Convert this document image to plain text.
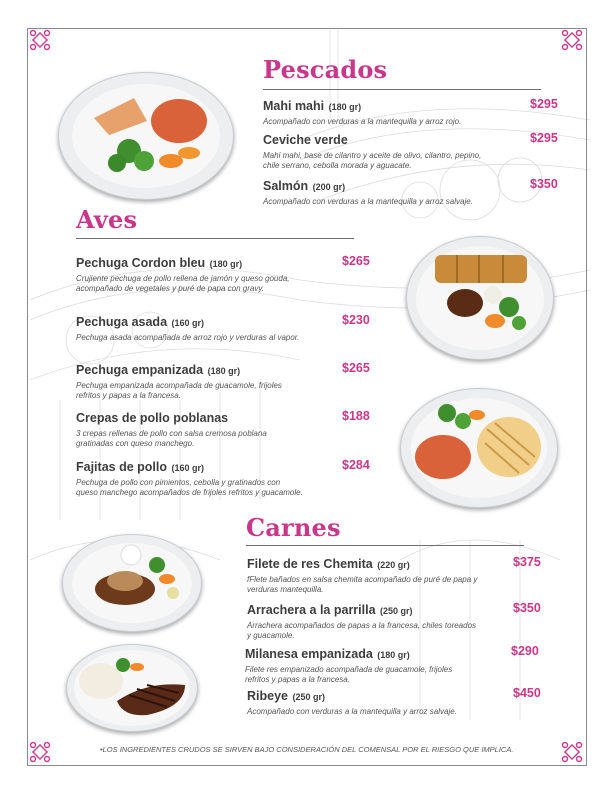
Pescados
Mahi mahi (180 gr)
Acompañado con verduras a la mantequilla y arroz rojo.
$295
Ceviche verde
Mahi mahi, base de cilantro y aceite de olivo, cilantro, pepino, chile serrano, cebolla morada y aguacate.
$295
Salmón (200 gr)
Acompañado con verduras a la mantequilla y arroz salvaje.
$350
Aves
Pechuga Cordon bleu (180 gr)
Crujiente pechuga de pollo rellena de jamón y queso gouda, acompañado de vegetales y puré de papa con gravy.
$265
Pechuga asada (160 gr)
Pechuga asada acompañada de arroz rojo y verduras al vapor.
$230
Pechuga empanizada (180 gr)
Pechuga empanizada acompañada de guacamole, frijoles refritos y papas a la francesa.
$265
Crepas de pollo poblanas
3 crepas rellenas de pollo con salsa cremosa poblana gratinadas con queso manchego.
$188
Fajitas de pollo (160 gr)
Pechuga de pollo con pimientos, cebolla y gratinados con queso manchego acompañados de frijoles refritos y guacamole.
$284
Carnes
Filete de res Chemita (220 gr)
fFlete bañados en salsa chemita acompañado de puré de papa y verduras mantequilla.
$375
Arrachera a la parrilla (250 gr)
Arrachera acompañados de papas a la francesa, chiles toreados y guacamole.
$350
Milanesa empanizada (180 gr)
Filete res empanizado acompañada de guacamole, frijoles refritos y papas a la francesa.
$290
Ribeye (250 gr)
Acompañado con verduras a la mantequilla y arroz salvaje.
$450
•LOS INGREDIENTES CRUDOS SE SIRVEN BAJO CONSIDERACIÓN DEL COMENSAL POR EL RIESGO QUE IMPLICA.
